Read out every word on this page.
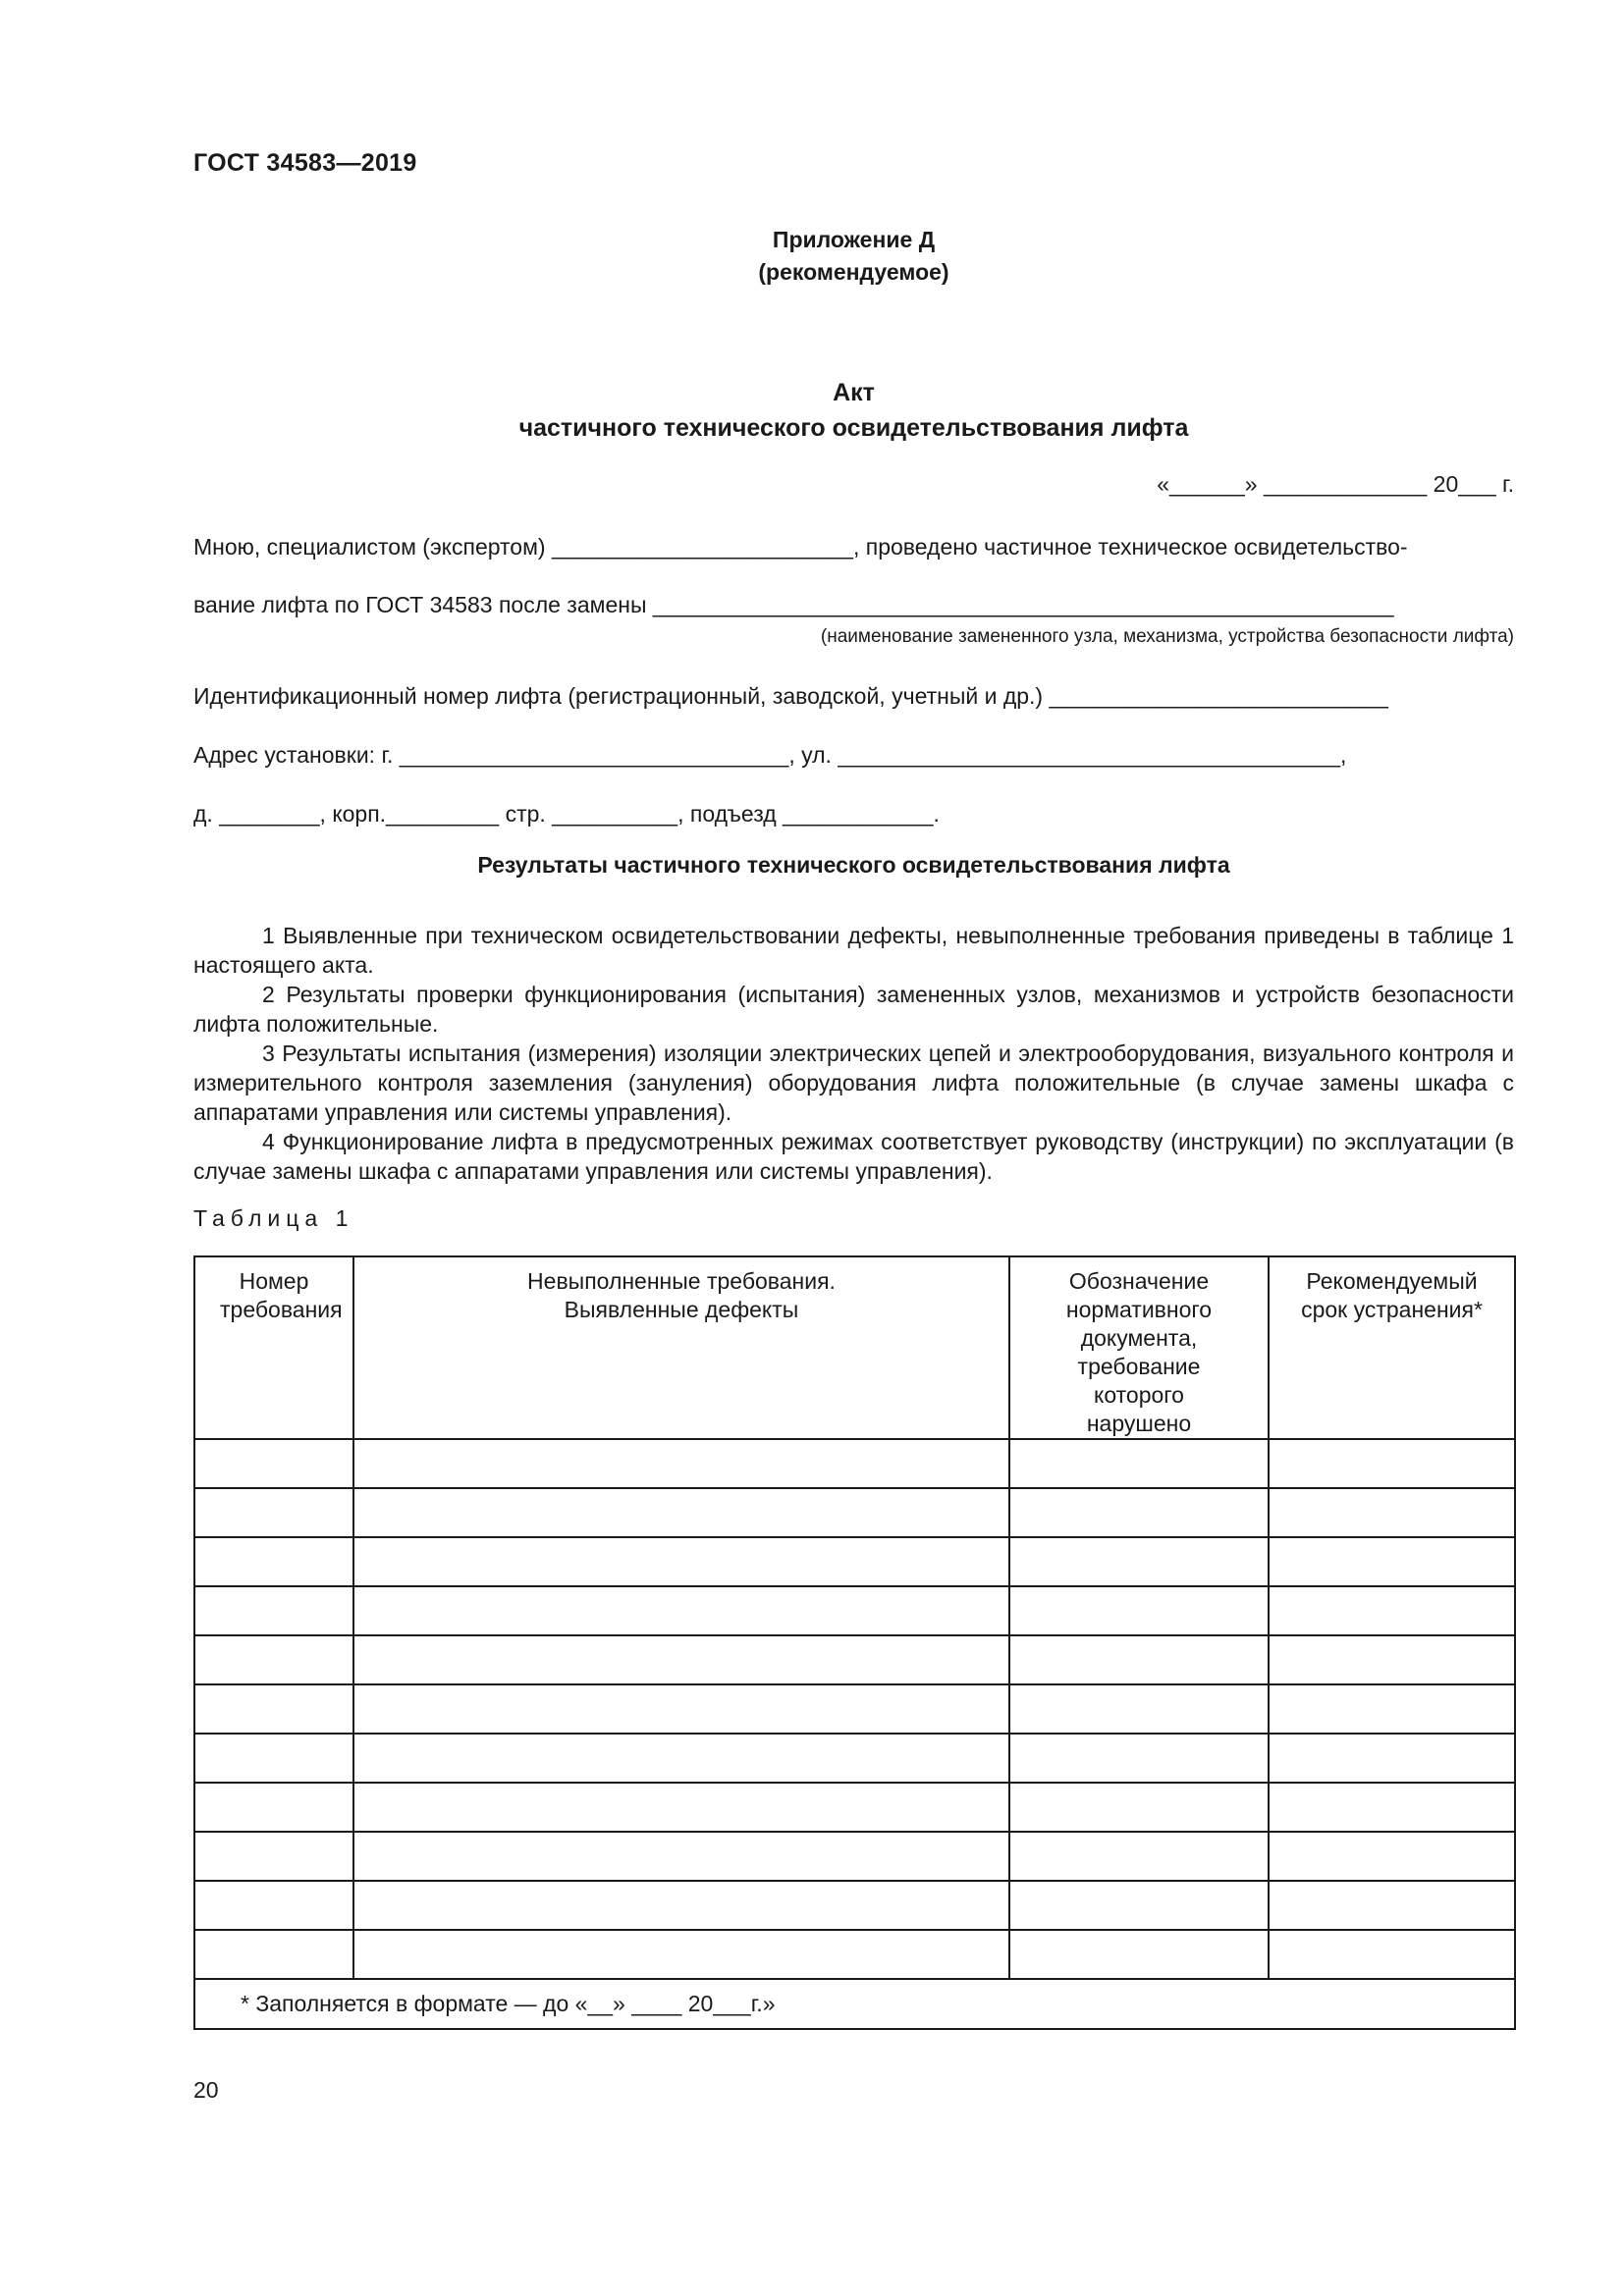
ГОСТ 34583—2019
Приложение Д
(рекомендуемое)
Акт
частичного технического освидетельствования лифта
«______» _____________ 20___ г.
Мною, специалистом (экспертом) ________________________, проведено частичное техническое освидетельство-
вание лифта по ГОСТ 34583 после замены ___________________________________________________________
(наименование замененного узла, механизма, устройства безопасности лифта)
Идентификационный номер лифта (регистрационный, заводской, учетный и др.) ___________________________
Адрес установки: г. _______________________________, ул. ________________________________________,
д. ________, корп._________ стр. __________, подъезд ____________.
Результаты частичного технического освидетельствования лифта

1 Выявленные при техническом освидетельствовании дефекты, невыполненные требования приведены в таблице 1 настоящего акта.

2 Результаты проверки функционирования (испытания) замененных узлов, механизмов и устройств безопасности лифта положительные.

3 Результаты испытания (измерения) изоляции электрических цепей и электрооборудования, визуального контроля и измерительного контроля заземления (зануления) оборудования лифта положительные (в случае замены шкафа с аппаратами управления или системы управления).

4 Функционирование лифта в предусмотренных режимах соответствует руководству (инструкции) по эксплуатации (в случае замены шкафа с аппаратами управления или системы управления).

Таблица 1
Номер требования	Невыполненные требования. Выявленные дефекты	Обозначение нормативного документа, требование которого нарушено	Рекомендуемый срок устранения*

* Заполняется в формате — до «__» ____ 20___г.»			
20
